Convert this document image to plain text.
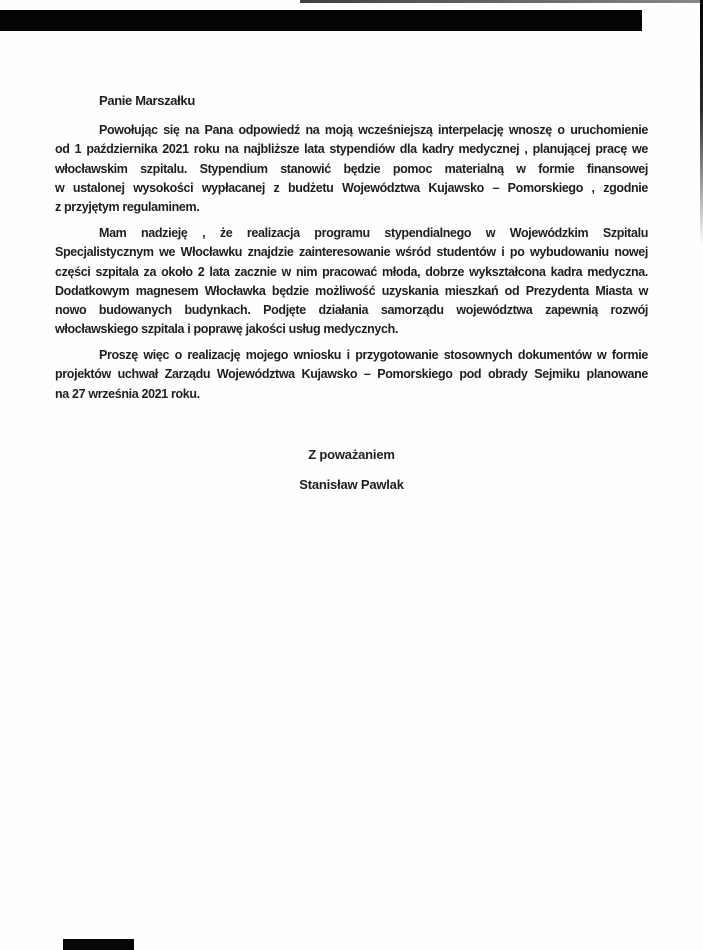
Panie Marszałku
Powołując się na Pana odpowiedź na moją wcześniejszą interpelację wnoszę o uruchomienie
od 1 października 2021 roku na najbliższe lata stypendiów dla kadry medycznej , planującej pracę we
włocławskim szpitalu. Stypendium stanowić będzie pomoc materialną w formie finansowej
w ustalonej wysokości wypłacanej z budżetu Województwa Kujawsko – Pomorskiego , zgodnie
z przyjętym regulaminem.
Mam nadzieję , że realizacja programu stypendialnego w Wojewódzkim Szpitalu
Specjalistycznym we Włocławku znajdzie zainteresowanie wśród studentów i po wybudowaniu nowej
części szpitala za około 2 lata zacznie w nim pracować młoda, dobrze wykształcona kadra medyczna.
Dodatkowym magnesem Włocławka będzie możliwość uzyskania mieszkań od Prezydenta Miasta w
nowo budowanych budynkach. Podjęte działania samorządu województwa zapewnią rozwój
włocławskiego szpitala i poprawę jakości usług medycznych.
Proszę więc o realizację mojego wniosku i przygotowanie stosownych dokumentów w formie
projektów uchwał Zarządu Województwa Kujawsko – Pomorskiego pod obrady Sejmiku planowane
na 27 września 2021 roku.
Z poważaniem
Stanisław Pawlak
